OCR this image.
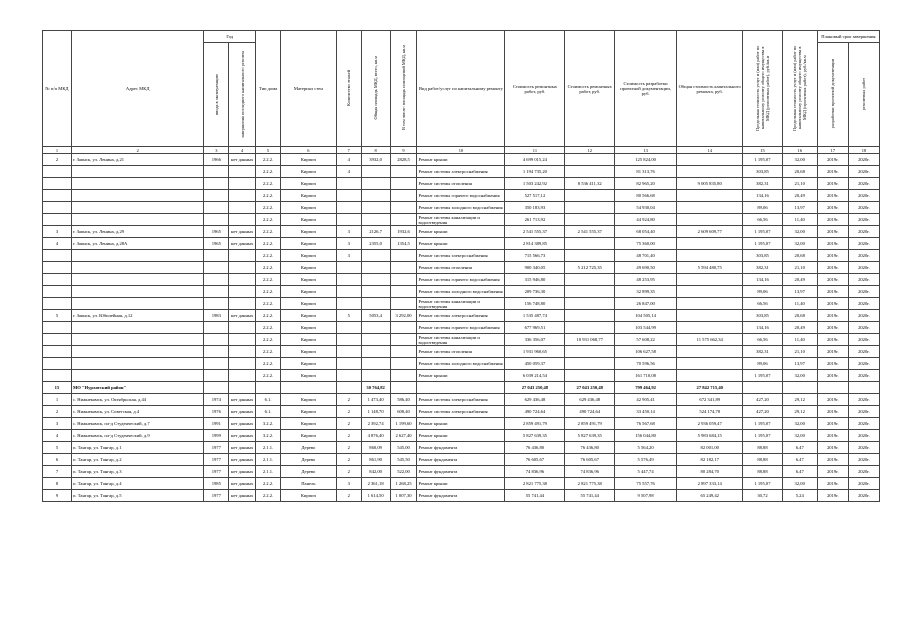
№ п/п МКД	Адрес МКД	Год		Тип дома	Материал стен	Количество этажей	Общая площадь МКД, всего, кв.м	В том числе: площадь помещений МКД, кв.м	Вид работ/услуг по капитальному ремонту	Стоимость ремонтных работ, руб.	Стоимость ремонтных работ, руб.	Стоимость разработки проектной документации, руб.	Общая стоимость капитального ремонта, руб.	Предельная стоимость услуг и (или) работ по капитальному ремонту общего имущества в МКД (ремонтных работ), руб./кв.м	Предельная стоимость услуг и (или) работ по капитальному ремонту общего имущества в МКД (проектных работ), руб./кв.м	Плановый срок завершения	
		ввода в эксплуатацию	завершения последнего капитального ремонта													разработки проектной документации	ремонтных работ
1	2	3	4	5	6	7	8	9	10	11	12	13	14	15	16	17	18
2	г. Заинск, ул. Ленина, д.21	1966	нет данных	2.2.2.	Кирпич	4	3932,0	2828,5	Ремонт крыши	4 699 015,24		125 824,00		1 195,07	32,00	2019г.	2020г.
				2.2.2.	Кирпич	4			Ремонт системы электроснабжения	1 194 735,20		81 313,76		303,85	20,68	2019г.	2020г.
				2.2.2.	Кирпич				Ремонт системы отопления	1 503 242,92	8 536 411,32	82 965,20	9 005 835,80	382,31	21,10	2019г.	2020г.
				2.2.2.	Кирпич				Ремонт системы горячего водоснабжения	527 517,12		80 566,68		134,16	20,49	2019г.	2020г.
				2.2.2.	Кирпич				Ремонт системы холодного водоснабжения	350 183,93		54 930,04		89,06	13,97	2019г.	2020г.
				2.2.2.	Кирпич				Ремонт системы канализации и водоотведения	261 713,92		44 924,80		66,56	11,40	2019г.	2020г.
3	г. Заинск, ул. Ленина, д.29	1965	нет данных	2.2.2.	Кирпич	3	2126,7	1932,6	Ремонт крыши	2 541 555,37	2 541 555,37	68 054,40	2 609 609,77	1 195,07	32,00	2019г.	2020г.
4	г. Заинск, ул. Ленина, д.28А	1965	нет данных	2.2.2.	Кирпич	3	2355,0	1354,5	Ремонт крыши	2 814 389,85		75 360,00		1 195,07	32,00	2019г.	2020г.
				2.2.2.	Кирпич	3			Ремонт системы электроснабжения	715 566,73		48 701,40		303,85	20,68	2019г.	2020г.
				2.2.2.	Кирпич				Ремонт системы отопления	900 340,05	5 212 725,35	49 690,50	5 594 480,75	382,31	21,10	2019г.	2020г.
				2.2.2.	Кирпич				Ремонт системы горячего водоснабжения	315 946,80		48 253,95		134,16	20,49	2019г.	2020г.
				2.2.2.	Кирпич				Ремонт системы холодного водоснабжения	209 736,30		32 899,35		89,06	13,97	2019г.	2020г.
				2.2.2.	Кирпич				Ремонт системы канализации и водоотведения	156 748,80		26 847,00		66,56	11,40	2019г.	2020г.
5	г. Заинск, ул. Юбилейная, д.12	1983	нет данных	2.2.2.	Кирпич	5	5053,4	3 292,00	Ремонт системы электроснабжения	1 535 487,74		104 505,14		303,85	20,68	2019г.	2020г.
				2.2.2.	Кирпич				Ремонт системы горячего водоснабжения	677 969,51		103 544,99		134,16	20,49	2019г.	2020г.
				2.2.2.	Кирпич				Ремонт системы канализации и водоотведения	336 356,07	10 931 068,77	57 608,22	11 575 662,34	66,56	11,40	2019г.	2020г.
				2.2.2.	Кирпич				Ремонт системы отопления	1 931 960,65		106 627,58		382,31	21,10	2019г.	2020г.
				2.2.2.	Кирпич				Ремонт системы холодного водоснабжения	450 059,37		70 596,56		89,06	13,97	2019г.	2020г.
				2.2.2.	Кирпич				Ремонт крыши	6 039 214,54		161 710,08		1 195,07	32,00	2019г.	2020г.
15	МО "Нурлатский район"						30 764,82			27 043 250,48	27 043 250,48	799 464,92	27 842 715,40				
1	с. Нижнекамск, ул. Октябрьская, д.44	1974	нет данных	6.1.	Кирпич	2	1 473,40	586,40	Ремонт системы электроснабжения	629 436,48	629 436,48	42 905,41	672 341,89	427,20	29,12	2019г.	2020г.
2	с. Нижнекамск, ул. Советская, д.4	1976	нет данных	6.1.	Кирпич	2	1 148,70	608,40	Ремонт системы электроснабжения	490 724,64	490 724,64	33 450,14	524 174,78	427,20	29,12	2019г.	2020г.
3	с. Нижнекамск, пл-д Студенческий, д.7	1991	нет данных	3.2.2.	Кирпич	2	2 392,74	1 199,60	Ремонт крыши	2 859 491,79	2 859 491,79	76 567,68	2 936 059,47	1 195,07	32,00	2019г.	2020г.
4	с. Нижнекамск, пл-д Студенческий, д.9	1999	нет данных	3.2.2.	Кирпич	2	4 876,40	2 627,40	Ремонт крыши	5 827 639,35	5 827 639,35	156 044,80	5 983 684,15	1 195,07	32,00	2019г.	2020г.
5	п. Тангар, ул. Тангар, д.1	1977	нет данных	2.1.1.	Дерево	2	860,09	545,00	Ремонт фундамента	76 436,80	76 436,80	5 564,20	82 001,00	88,88	6,47	2019г.	2020г.
6	п. Тангар, ул. Тангар, д.2	1977	нет данных	2.1.1.	Дерево	2	861,90	545,50	Ремонт фундамента	76 605,67	76 605,67	5 576,49	82 182,17	88,88	6,47	2019г.	2020г.
7	п. Тангар, ул. Тангар, д.3	1977	нет данных	2.1.1.	Дерево	2	842,00	522,00	Ремонт фундамента	74 836,96	74 836,96	5 447,74	80 284,70	88,88	6,47	2019г.	2020г.
8	п. Тангар, ул. Тангар, д.4	1985	нет данных	2.2.2.	Панель	3	2 361,18	1 268,25	Ремонт крыши	2 821 775,38	2 821 775,38	75 557,76	2 897 333,14	1 195,07	32,00	2019г.	2020г.
9	п. Тангар, ул. Тангар, д.5	1977	нет данных	2.2.2.	Кирпич	2	1 614,50	1 007,30	Ремонт фундамента	55 741,44	55 741,44	9 507,98	65 249,42	30,72	5,24	2019г.	2020г.
